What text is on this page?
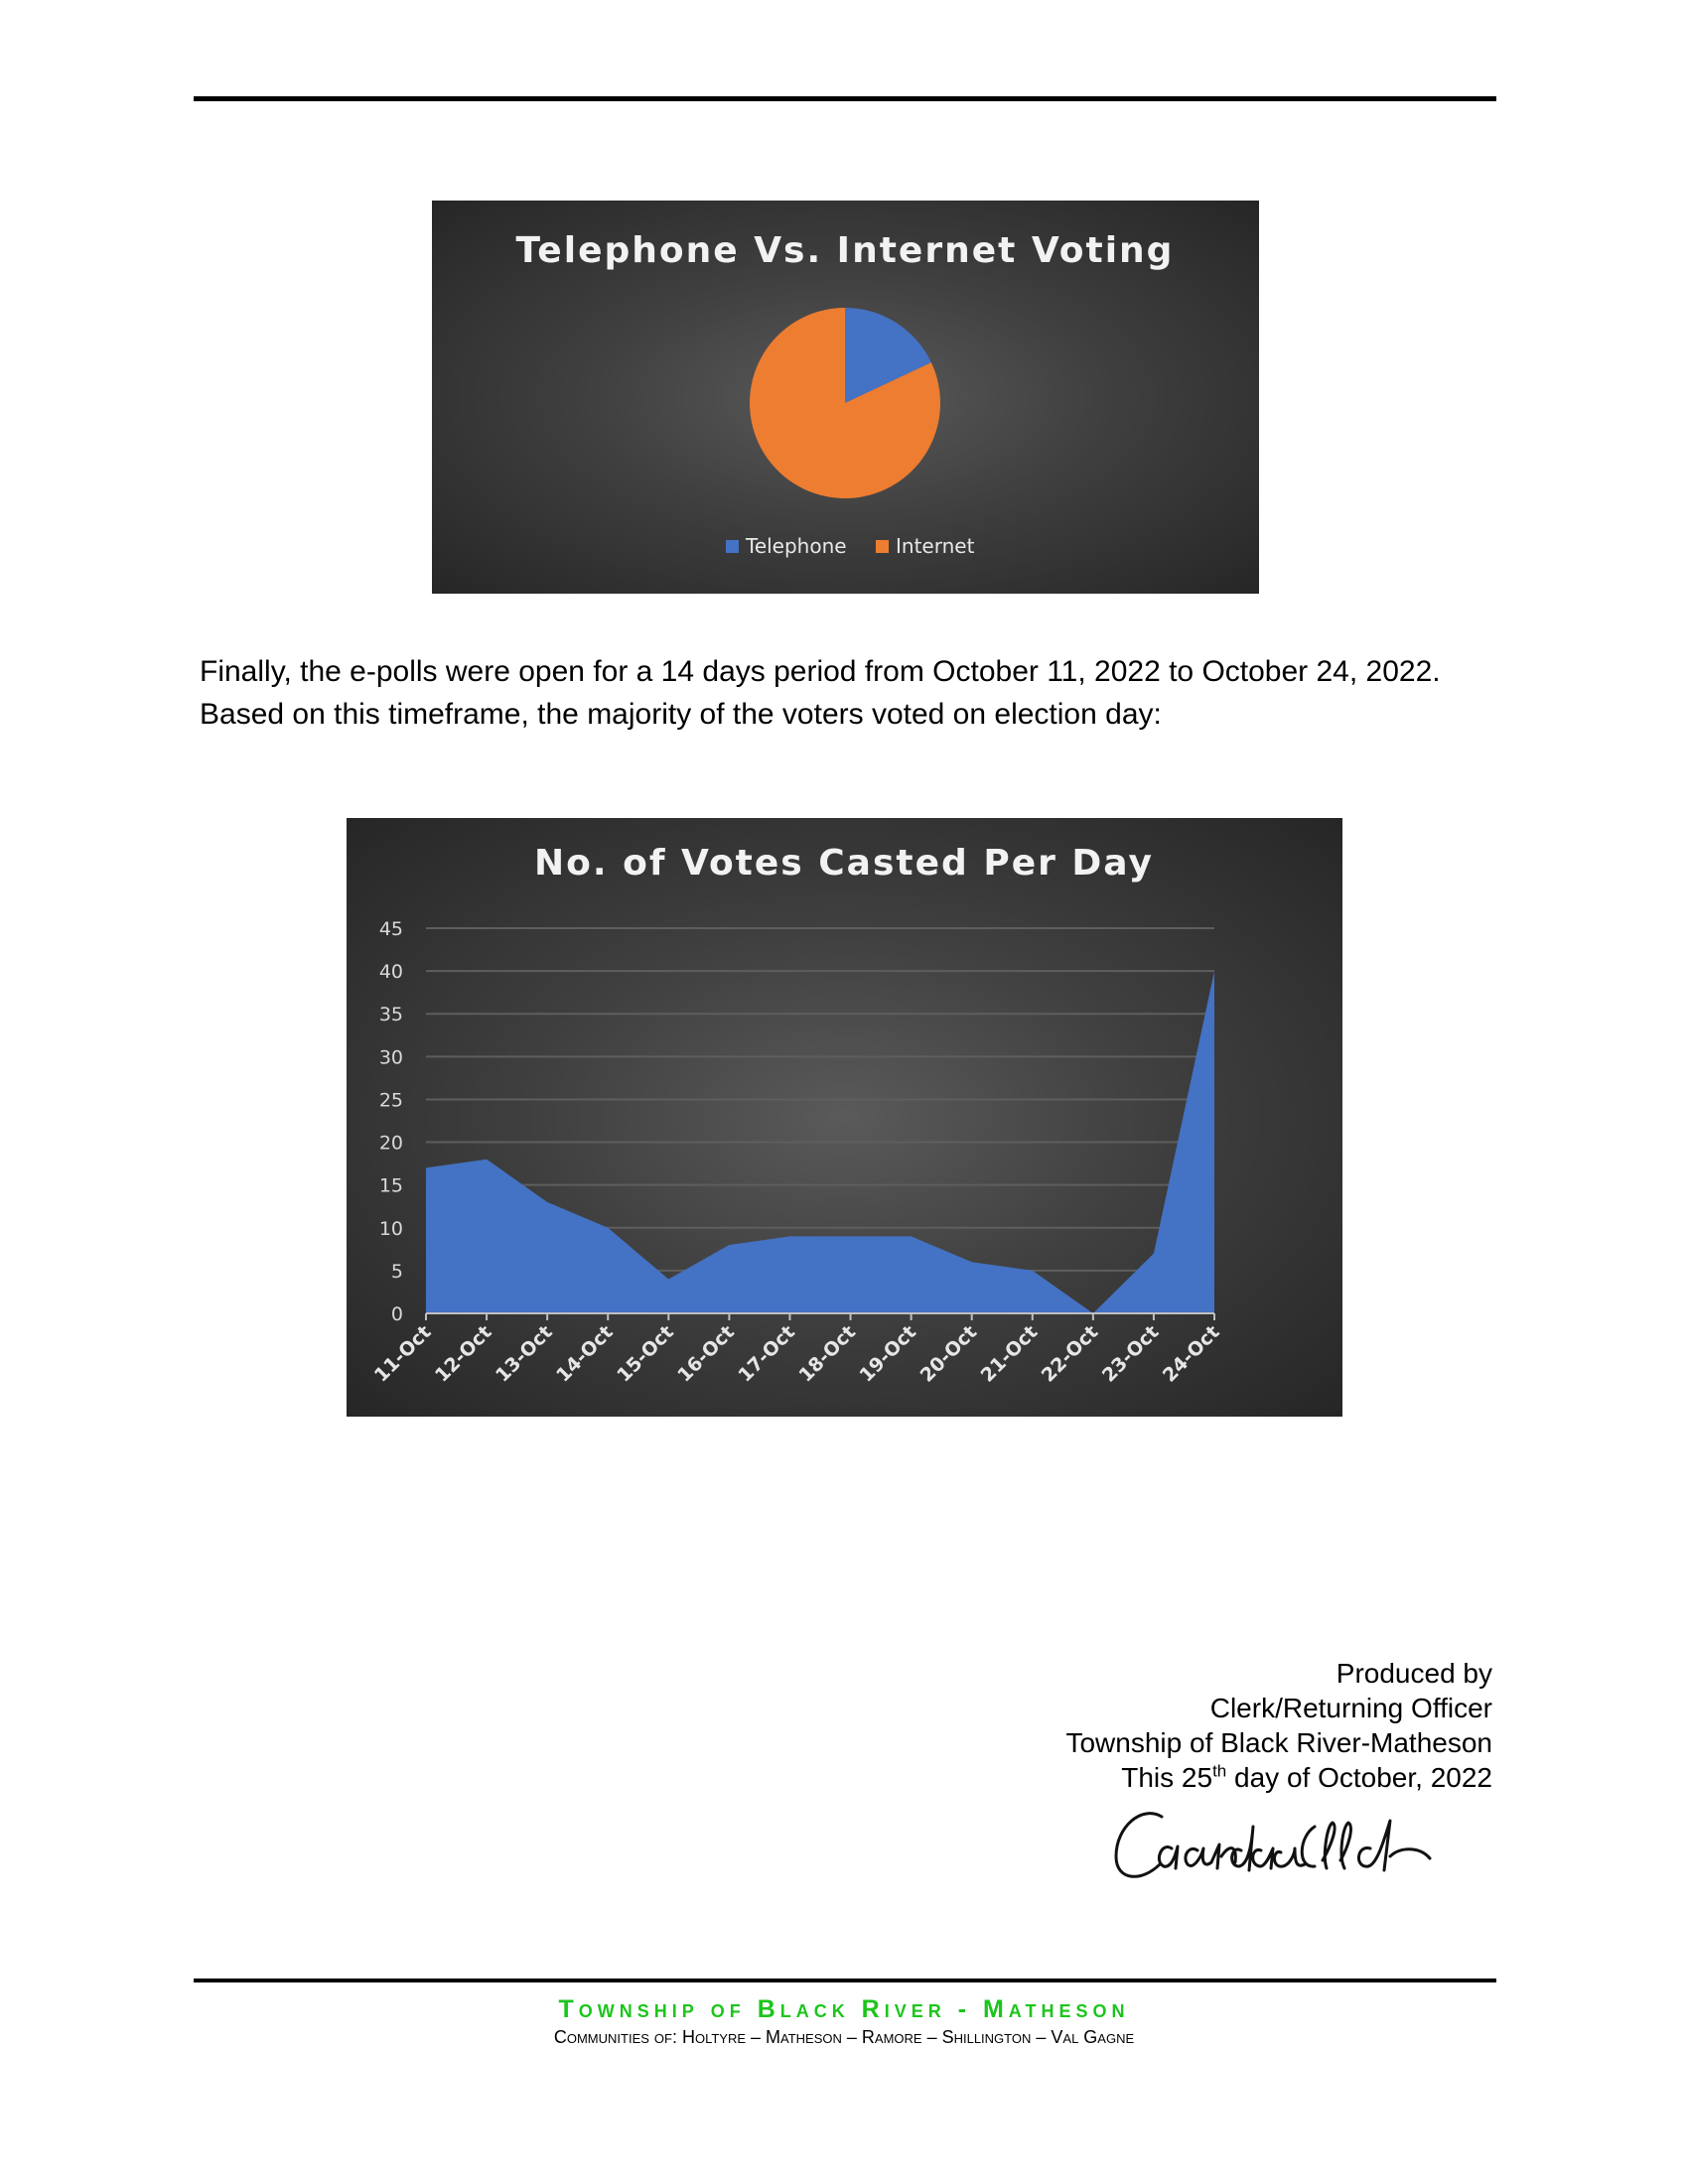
Telephone Vs. Internet Voting
Telephone Internet

Finally, the e-polls were open for a 14 days period from October 11, 2022 to October 24, 2022. Based on this timeframe, the majority of the voters voted on election day:

No. of Votes Casted Per Day
0
5
10
15
20
25
30
35
40
45
11-Oct
12-Oct
13-Oct
14-Oct
15-Oct
16-Oct
17-Oct
18-Oct
19-Oct
20-Oct
21-Oct
22-Oct
23-Oct
24-Oct
Produced by
Clerk/Returning Officer
Township of Black River-Matheson
This 25th day of October, 2022
Township of Black River - Matheson
Communities of: Holtyre – Matheson – Ramore – Shillington – Val Gagne
